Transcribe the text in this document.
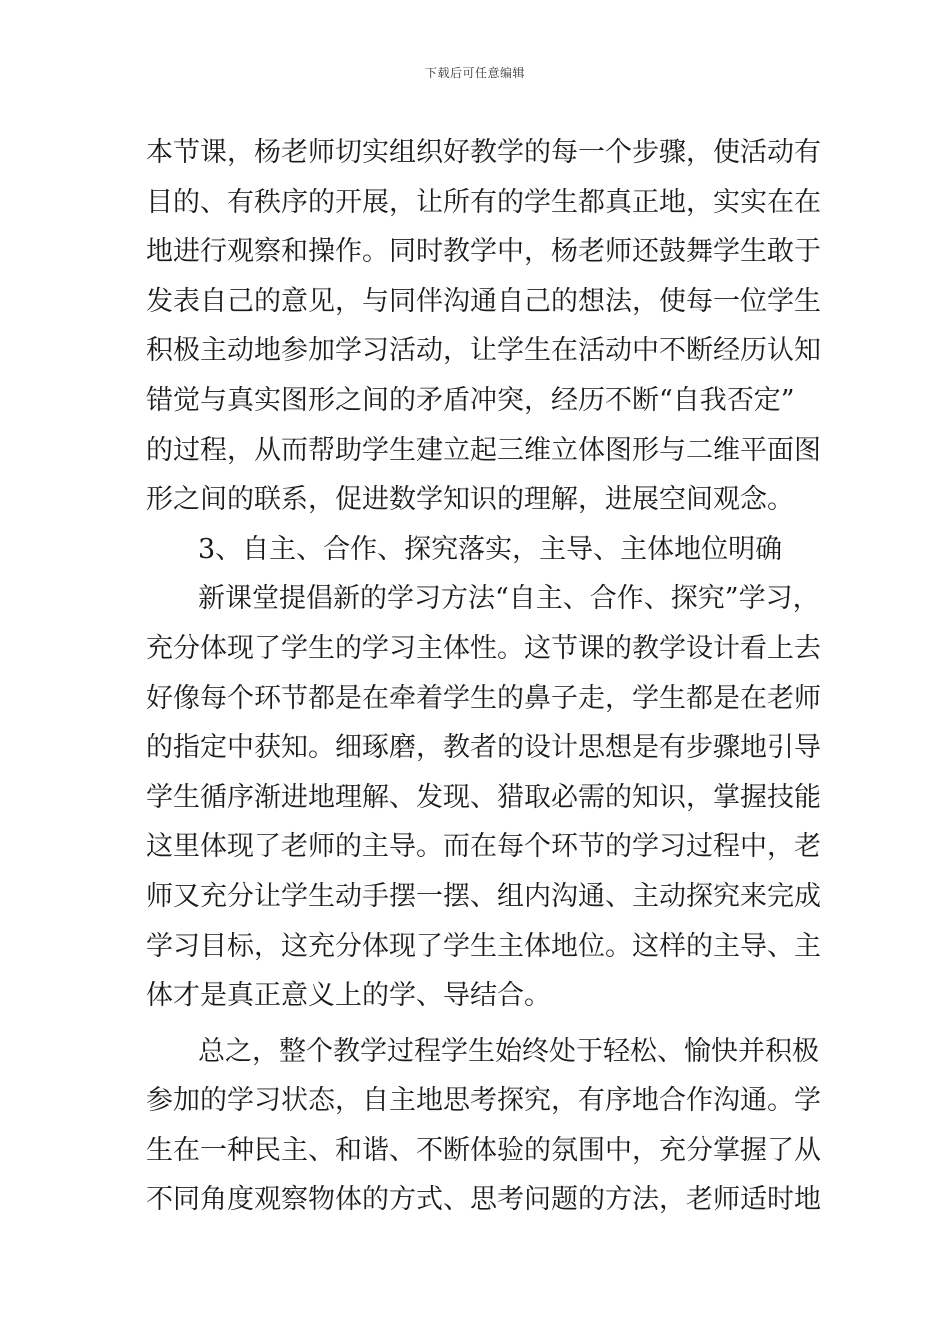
下载后可任意编辑
本节课，杨老师切实组织好教学的每一个步骤，使活动有
目的、有秩序的开展，让所有的学生都真正地，实实在在
地进行观察和操作。同时教学中，杨老师还鼓舞学生敢于
发表自己的意见，与同伴沟通自己的想法，使每一位学生
积极主动地参加学习活动，让学生在活动中不断经历认知
错觉与真实图形之间的矛盾冲突，经历不断“自我否定”
的过程，从而帮助学生建立起三维立体图形与二维平面图
形之间的联系，促进数学知识的理解，进展空间观念。
3、自主、合作、探究落实，主导、主体地位明确
新课堂提倡新的学习方法“自主、合作、探究”学习，
充分体现了学生的学习主体性。这节课的教学设计看上去
好像每个环节都是在牵着学生的鼻子走，学生都是在老师
的指定中获知。细琢磨，教者的设计思想是有步骤地引导
学生循序渐进地理解、发现、猎取必需的知识，掌握技能
这里体现了老师的主导。而在每个环节的学习过程中，老
师又充分让学生动手摆一摆、组内沟通、主动探究来完成
学习目标，这充分体现了学生主体地位。这样的主导、主
体才是真正意义上的学、导结合。
总之，整个教学过程学生始终处于轻松、愉快并积极
参加的学习状态，自主地思考探究，有序地合作沟通。学
生在一种民主、和谐、不断体验的氛围中，充分掌握了从
不同角度观察物体的方式、思考问题的方法，老师适时地
